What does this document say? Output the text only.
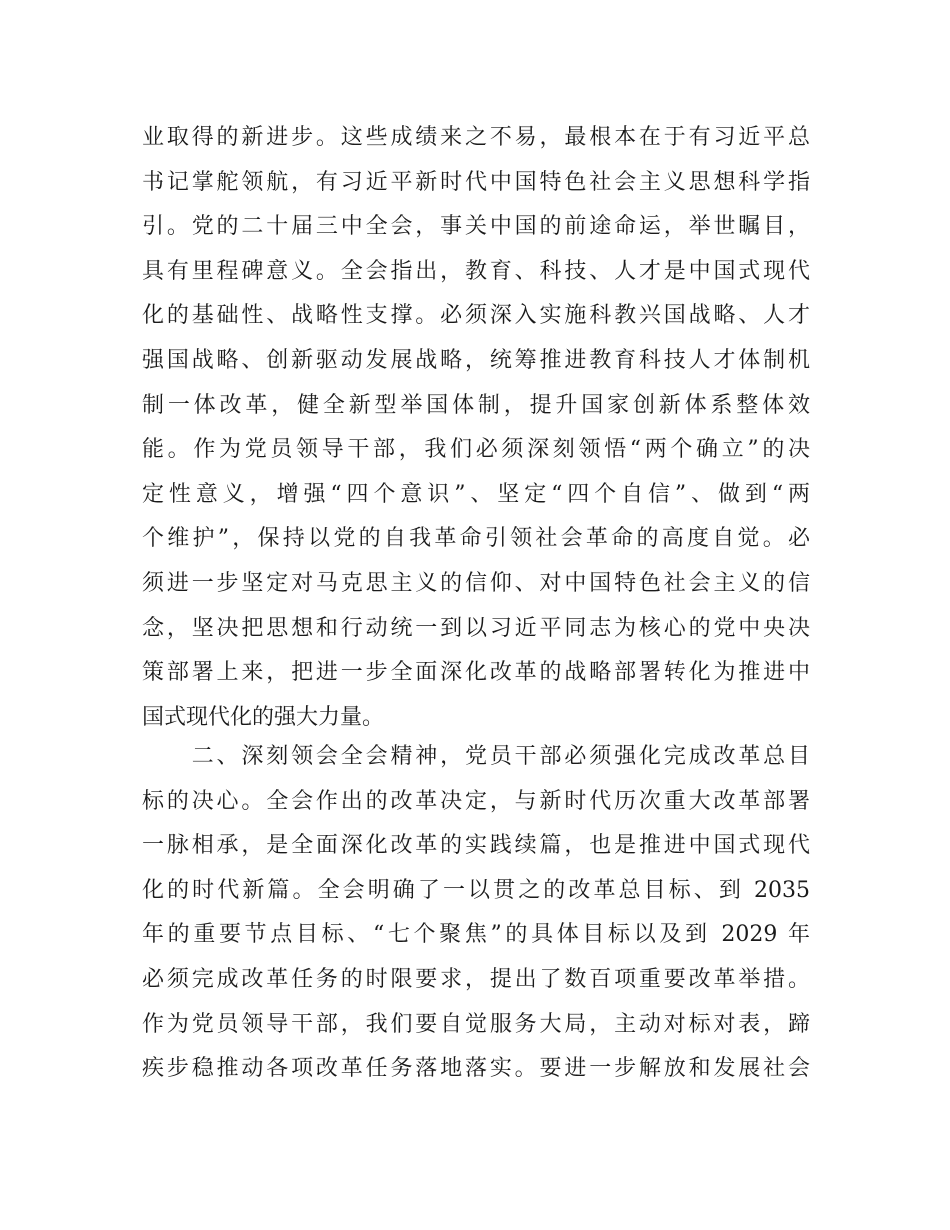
业取得的新进步。这些成绩来之不易，最根本在于有习近平总
书记掌舵领航，有习近平新时代中国特色社会主义思想科学指
引。党的二十届三中全会，事关中国的前途命运，举世瞩目，
具有里程碑意义。全会指出，教育、科技、人才是中国式现代
化的基础性、战略性支撑。必须深入实施科教兴国战略、人才
强国战略、创新驱动发展战略，统筹推进教育科技人才体制机
制一体改革，健全新型举国体制，提升国家创新体系整体效
能。作为党员领导干部，我们必须深刻领悟“两个确立”的决
定性意义，增强“四个意识”、坚定“四个自信”、做到“两
个维护”，保持以党的自我革命引领社会革命的高度自觉。必
须进一步坚定对马克思主义的信仰、对中国特色社会主义的信
念，坚决把思想和行动统一到以习近平同志为核心的党中央决
策部署上来，把进一步全面深化改革的战略部署转化为推进中
国式现代化的强大力量。
　　二、深刻领会全会精神，党员干部必须强化完成改革总目
标的决心。全会作出的改革决定，与新时代历次重大改革部署
一脉相承，是全面深化改革的实践续篇，也是推进中国式现代
化的时代新篇。全会明确了一以贯之的改革总目标、到 2035
年的重要节点目标、“七个聚焦”的具体目标以及到 2029 年
必须完成改革任务的时限要求，提出了数百项重要改革举措。
作为党员领导干部，我们要自觉服务大局，主动对标对表，蹄
疾步稳推动各项改革任务落地落实。要进一步解放和发展社会
